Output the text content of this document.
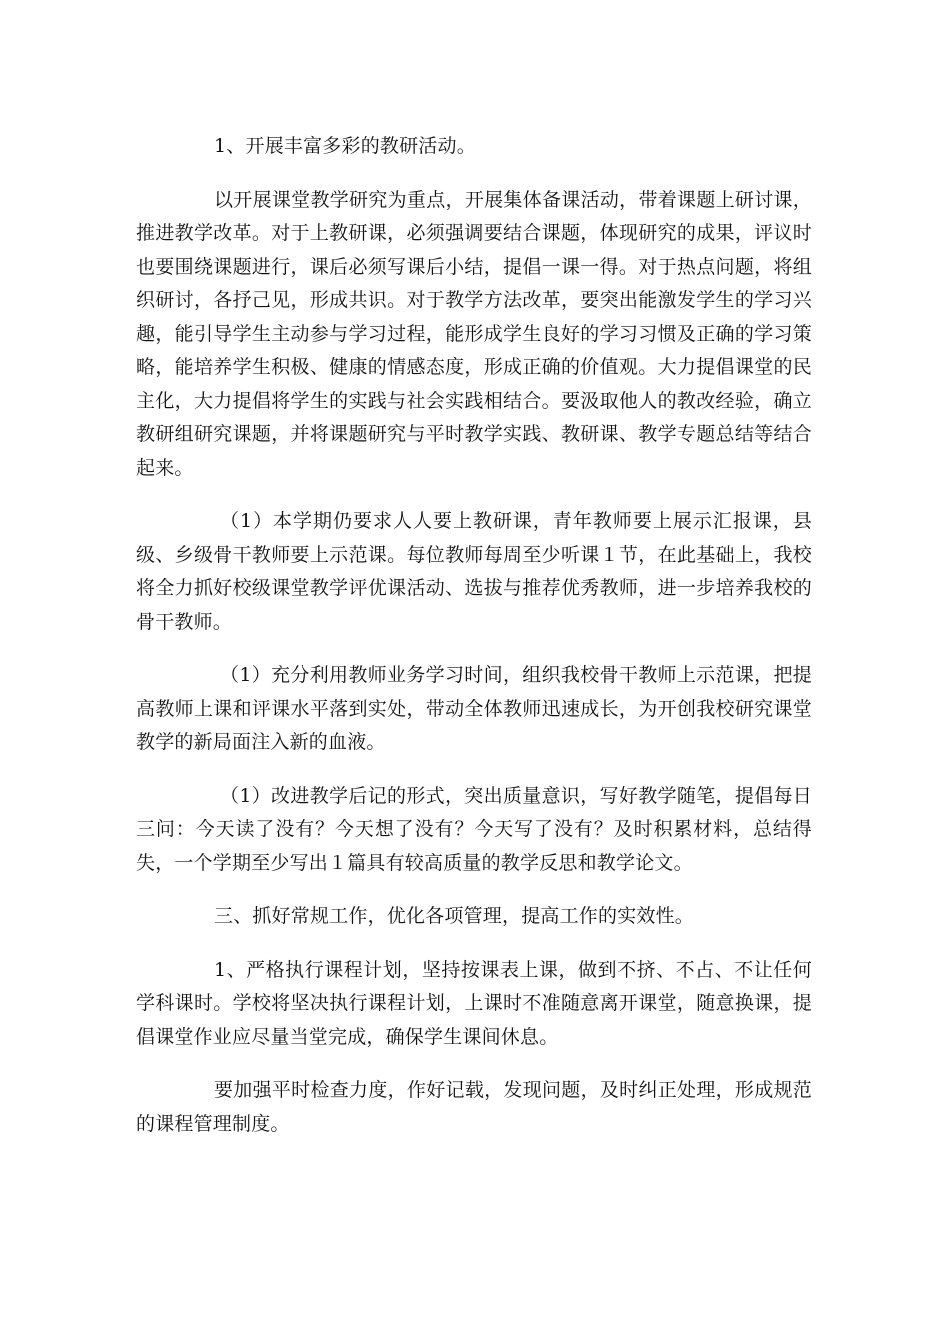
1、开展丰富多彩的教研活动。

以开展课堂教学研究为重点，开展集体备课活动，带着课题上研讨课，推进教学改革。对于上教研课，必须强调要结合课题，体现研究的成果，评议时也要围绕课题进行，课后必须写课后小结，提倡一课一得。对于热点问题，将组织研讨，各抒己见，形成共识。对于教学方法改革，要突出能激发学生的学习兴趣，能引导学生主动参与学习过程，能形成学生良好的学习习惯及正确的学习策略，能培养学生积极、健康的情感态度，形成正确的价值观。大力提倡课堂的民主化，大力提倡将学生的实践与社会实践相结合。要汲取他人的教改经验，确立教研组研究课题，并将课题研究与平时教学实践、教研课、教学专题总结等结合起来。

（1）本学期仍要求人人要上教研课，青年教师要上展示汇报课，县级、乡级骨干教师要上示范课。每位教师每周至少听课１节，在此基础上，我校将全力抓好校级课堂教学评优课活动、选拔与推荐优秀教师，进一步培养我校的骨干教师。

（1）充分利用教师业务学习时间，组织我校骨干教师上示范课，把提高教师上课和评课水平落到实处，带动全体教师迅速成长，为开创我校研究课堂教学的新局面注入新的血液。

（1）改进教学后记的形式，突出质量意识，写好教学随笔，提倡每日三问：今天读了没有？今天想了没有？今天写了没有？及时积累材料，总结得失，一个学期至少写出１篇具有较高质量的教学反思和教学论文。

三、抓好常规工作，优化各项管理，提高工作的实效性。

1、严格执行课程计划，坚持按课表上课，做到不挤、不占、不让任何学科课时。学校将坚决执行课程计划，上课时不准随意离开课堂，随意换课，提倡课堂作业应尽量当堂完成，确保学生课间休息。

要加强平时检查力度，作好记载，发现问题，及时纠正处理，形成规范的课程管理制度。
